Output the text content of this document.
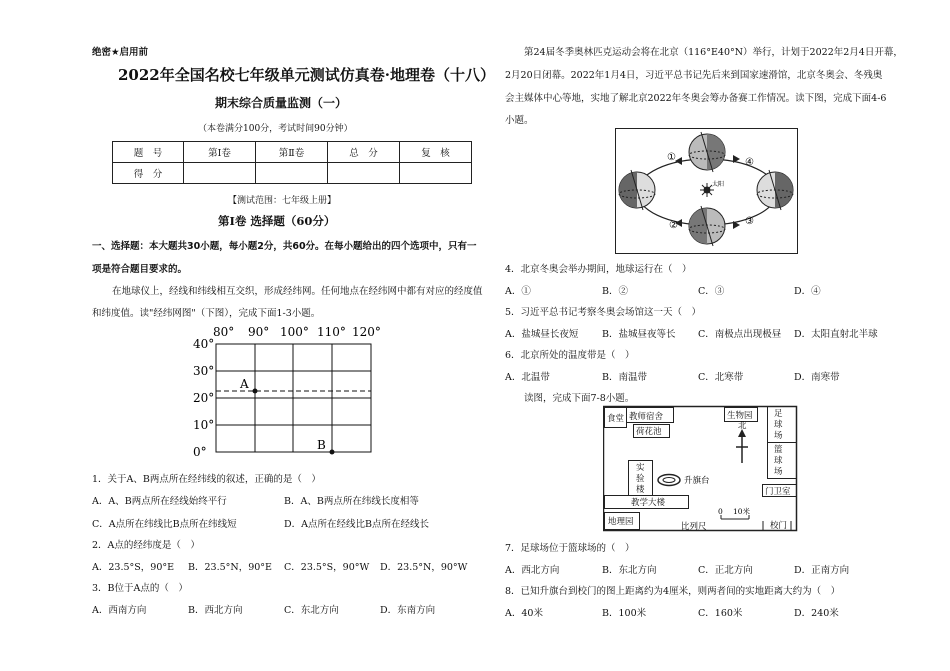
绝密★启用前
2022年全国名校七年级单元测试仿真卷·地理卷（十八）
期末综合质量监测（一）
（本卷满分100分，考试时间90分钟）
题　号	第Ⅰ卷	第Ⅱ卷	总　分	复　核
得　分				
【测试范围：七年级上册】
第Ⅰ卷 选择题（60分）
一、选择题：本大题共30小题，每小题2分，共60分。在每小题给出的四个选项中，只有一
项是符合题目要求的。
在地球仪上，经线和纬线相互交织，形成经纬网。任何地点在经纬网中都有对应的经度值
和纬度值。读"经纬网图"（下图），完成下面1-3小题。
80° 90° 100° 110° 120°
40°
30°
20°
10°
0°
A
B
1．关于A、B两点所在经纬线的叙述，正确的是（　）
A．A、B两点所在经线始终平行	B．A、B两点所在纬线长度相等
C．A点所在纬线比B点所在纬线短	D．A点所在经线比B点所在经线长
2．A点的经纬度是（　）
A．23.5°S，90°E B．23.5°N，90°E C．23.5°S，90°W D．23.5°N，90°W
3．B位于A点的（　）
A．西南方向	B．西北方向	C．东北方向	D．东南方向
第24届冬季奥林匹克运动会将在北京（116°E40°N）举行，计划于2022年2月4日开幕，
2月20日闭幕。2022年1月4日，习近平总书记先后来到国家速滑馆，北京冬奥会、冬残奥
会主媒体中心等地，实地了解北京2022年冬奥会筹办备赛工作情况。读下图，完成下面4-6
小题。
太阳
①
②	③
④
4．北京冬奥会举办期间，地球运行在（　）
A．①	B．②	C．③	D．④
5．习近平总书记考察冬奥会场馆这一天（　）
A．盐城昼长夜短 B．盐城昼夜等长 C．南极点出现极昼 D．太阳直射北半球
6．北京所处的温度带是（　）
A．北温带	B．南温带	C．北寒带	D．南寒带
读图，完成下面7-8小题。
食堂 教师宿舍
荷花池
生物园	足
球
场
篮
球
场
实
验
楼
教学大楼
地理园
门卫室
升旗台
北
0 10米
比列尺	校门
7．足球场位于篮球场的（　）
A．西北方向	B．东北方向	C．正北方向	D．正南方向
8．已知升旗台到校门的图上距离约为4厘米，则两者间的实地距离大约为（　）
A．40米	B．100米	C．160米	D．240米
